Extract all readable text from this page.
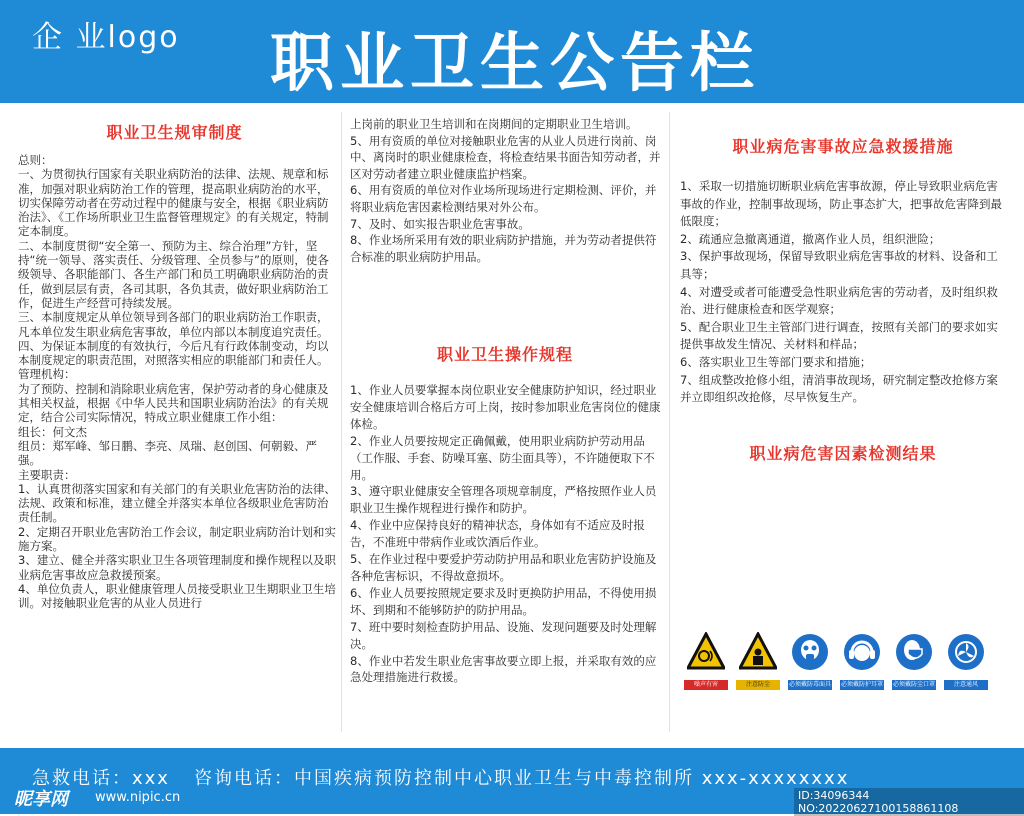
企 业logo 职业卫生公告栏
职业卫生规审制度

总则：

一、为贯彻执行国家有关职业病防治的法律、法规、规章和标准，加强对职业病防治工作的管理，提高职业病防治的水平，切实保障劳动者在劳动过程中的健康与安全，根据《职业病防治法》、《工作场所职业卫生监督管理规定》的有关规定，特制定本制度。

二、本制度贯彻“安全第一、预防为主、综合治理”方针，坚持“统一领导、落实责任、分级管理、全员参与”的原则，使各级领导、各职能部门、各生产部门和员工明确职业病防治的责任，做到层层有责，各司其职，各负其责，做好职业病防治工作，促进生产经营可持续发展。

三、本制度规定从单位领导到各部门的职业病防治工作职责，凡本单位发生职业病危害事故，单位内部以本制度追究责任。

四、为保证本制度的有效执行，今后凡有行政体制变动，均以本制度规定的职责范围，对照落实相应的职能部门和责任人。

管理机构：

为了预防、控制和消除职业病危害，保护劳动者的身心健康及其相关权益，根据《中华人民共和国职业病防治法》的有关规定，结合公司实际情况，特成立职业健康工作小组：

组长：何文杰

组员：郑军峰、邹日鹏、李亮、凤瑞、赵创国、何朝毅、严强。

主要职责：

1、认真贯彻落实国家和有关部门的有关职业危害防治的法律、法规、政策和标准，建立健全并落实本单位各级职业危害防治责任制。

2、定期召开职业危害防治工作会议，制定职业病防治计划和实施方案。

3、建立、健全并落实职业卫生各项管理制度和操作规程以及职业病危害事故应急救援预案。

4、单位负责人，职业健康管理人员接受职业卫生期职业卫生培训。对接触职业危害的从业人员进行

上岗前的职业卫生培训和在岗期间的定期职业卫生培训。

5、用有资质的单位对接触职业危害的从业人员进行岗前、岗中、离岗时的职业健康检查，将检查结果书面告知劳动者，并区对劳动者建立职业健康监护档案。

6、用有资质的单位对作业场所现场进行定期检测、评价，并将职业病危害因素检测结果对外公布。

7、及时、如实报告职业危害事故。

8、作业场所采用有效的职业病防护措施，并为劳动者提供符合标准的职业病防护用品。

职业卫生操作规程

1、作业人员要掌握本岗位职业安全健康防护知识，经过职业安全健康培训合格后方可上岗，按时参加职业危害岗位的健康体检。

2、作业人员要按规定正确佩戴，使用职业病防护劳动用品（工作服、手套、防噪耳塞、防尘面具等），不许随便取下不用。

3、遵守职业健康安全管理各项规章制度，严格按照作业人员职业卫生操作规程进行操作和防护。

4、作业中应保持良好的精神状态，身体如有不适应及时报告，不准班中带病作业或饮酒后作业。

5、在作业过程中要爱护劳动防护用品和职业危害防护设施及各种危害标识，不得故意损坏。

6、作业人员要按照规定要求及时更换防护用品，不得使用损坏、到期和不能够防护的防护用品。

7、班中要时刻检查防护用品、设施、发现问题要及时处理解决。

8、作业中若发生职业危害事故要立即上报，并采取有效的应急处理措施进行救援。

职业病危害事故应急救援措施

1、采取一切措施切断职业病危害事故源，停止导致职业病危害事故的作业，控制事故现场，防止事态扩大，把事故危害降到最低限度；

2、疏通应急撤离通道，撤离作业人员，组织泄险；

3、保护事故现场，保留导致职业病危害事故的材料、设备和工具等；

4、对遭受或者可能遭受急性职业病危害的劳动者，及时组织救治、进行健康检查和医学观察；

5、配合职业卫生主管部门进行调查，按照有关部门的要求如实提供事故发生情况、关材料和样品；

6、落实职业卫生等部门要求和措施；

7、组成整改抢修小组，清消事故现场，研究制定整改抢修方案并立即组织改抢修，尽早恢复生产。

职业病危害因素检测结果
噪声有害	注意防尘	必须戴防毒面具 必须戴防护耳罩 必须戴防尘口罩	注意通风
急救电话：xxx 咨询电话：中国疾病预防控制中心职业卫生与中毒控制所 xxx-xxxxxxxx
昵享网 www.nipic.cn	ID:34096344 NO:20220627100158861108
